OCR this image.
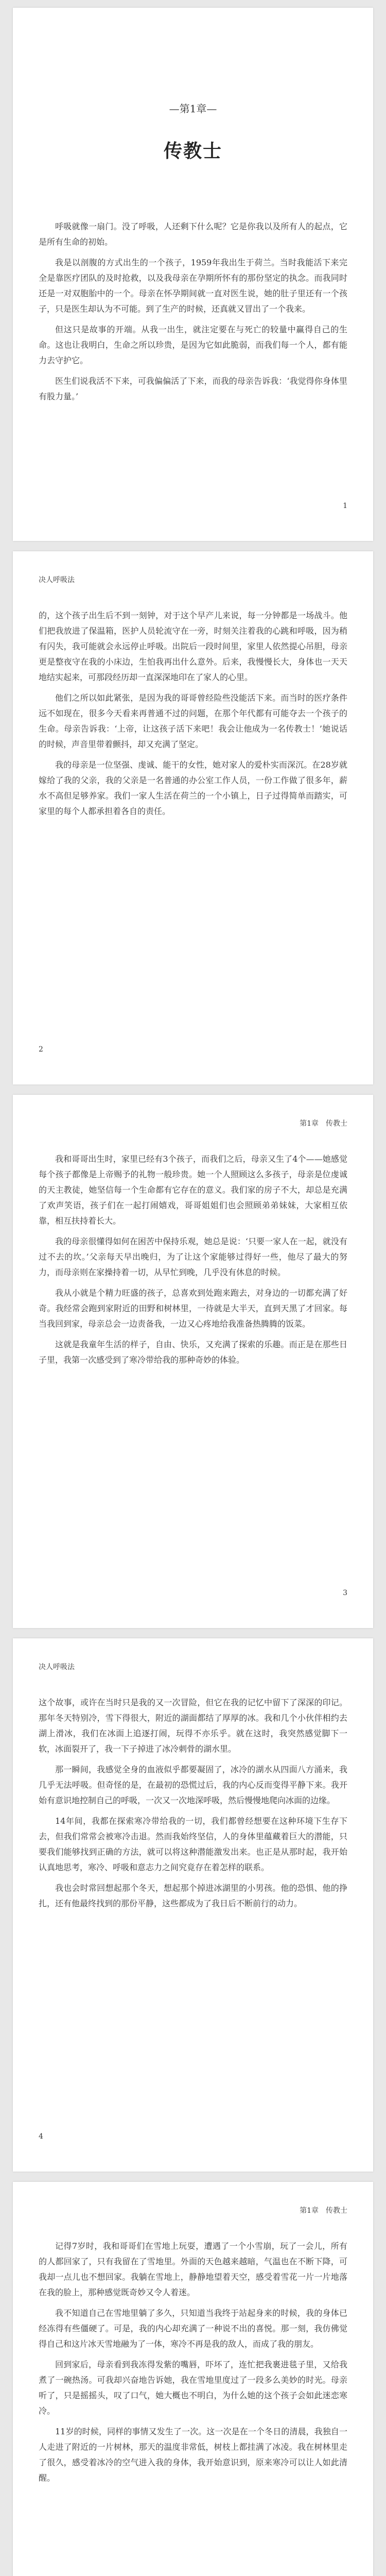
—第1章—
传教士

呼吸就像一扇门。没了呼吸，人还剩下什么呢？它是你我以及所有人的起点，它是所有生命的初始。

我是以剖腹的方式出生的一个孩子，1959年我出生于荷兰。当时我能活下来完全是靠医疗团队的及时抢救，以及我母亲在孕期所怀有的那份坚定的执念。而我同时还是一对双胞胎中的一个。母亲在怀孕期间就一直对医生说，她的肚子里还有一个孩子，只是医生却认为不可能。到了生产的时候，还真就又冒出了一个我来。

但这只是故事的开端。从我一出生，就注定要在与死亡的较量中赢得自己的生命。这也让我明白，生命之所以珍贵，是因为它如此脆弱，而我们每一个人，都有能力去守护它。

医生们说我活不下来，可我偏偏活了下来，而我的母亲告诉我：‘我觉得你身体里有股力量。’

1
决人呼吸法

的，这个孩子出生后不到一刻钟，对于这个早产儿来说，每一分钟都是一场战斗。他们把我放进了保温箱，医护人员轮流守在一旁，时刻关注着我的心跳和呼吸，因为稍有闪失，我可能就会永远停止呼吸。出院后一段时间里，家里人依然提心吊胆，母亲更是整夜守在我的小床边，生怕我再出什么意外。后来，我慢慢长大，身体也一天天地结实起来，可那段经历却一直深深地印在了家人的心里。

他们之所以如此紧张，是因为我的哥哥曾经险些没能活下来。而当时的医疗条件远不如现在，很多今天看来再普通不过的问题，在那个年代都有可能夺去一个孩子的生命。母亲告诉我：‘上帝，让这孩子活下来吧！我会让他成为一名传教士！’她说话的时候，声音里带着颤抖，却又充满了坚定。

我的母亲是一位坚强、虔诚、能干的女性，她对家人的爱朴实而深沉。在28岁就嫁给了我的父亲，我的父亲是一名普通的办公室工作人员，一份工作做了很多年，薪水不高但足够养家。我们一家人生活在荷兰的一个小镇上，日子过得简单而踏实，可家里的每个人都承担着各自的责任。

2
第1章　传教士

我和哥哥出生时，家里已经有3个孩子，而我们之后，母亲又生了4个——她感觉每个孩子都像是上帝赐予的礼物一般珍贵。她一个人照顾这么多孩子，母亲是位虔诚的天主教徒，她坚信每一个生命都有它存在的意义。我们家的房子不大，却总是充满了欢声笑语，孩子们在一起打闹嬉戏，哥哥姐姐们也会照顾弟弟妹妹，大家相互依靠，相互扶持着长大。

我的母亲很懂得如何在困苦中保持乐观，她总是说：‘只要一家人在一起，就没有过不去的坎。’父亲每天早出晚归，为了让这个家能够过得好一些，他尽了最大的努力，而母亲则在家操持着一切，从早忙到晚，几乎没有休息的时候。

我从小就是个精力旺盛的孩子，总喜欢到处跑来跑去，对身边的一切都充满了好奇。我经常会跑到家附近的田野和树林里，一待就是大半天，直到天黑了才回家。每当我回到家，母亲总会一边责备我，一边又心疼地给我准备热腾腾的饭菜。

这就是我童年生活的样子，自由、快乐，又充满了探索的乐趣。而正是在那些日子里，我第一次感受到了寒冷带给我的那种奇妙的体验。

3
决人呼吸法

这个故事，或许在当时只是我的又一次冒险，但它在我的记忆中留下了深深的印记。那年冬天特别冷，雪下得很大，附近的湖面都结了厚厚的冰。我和几个小伙伴相约去湖上滑冰，我们在冰面上追逐打闹，玩得不亦乐乎。就在这时，我突然感觉脚下一软，冰面裂开了，我一下子掉进了冰冷刺骨的湖水里。

那一瞬间，我感觉全身的血液似乎都要凝固了，冰冷的湖水从四面八方涌来，我几乎无法呼吸。但奇怪的是，在最初的恐慌过后，我的内心反而变得平静下来。我开始有意识地控制自己的呼吸，一次又一次地深呼吸，然后慢慢地爬向冰面的边缘。

14年间，我都在探索寒冷带给我的一切，我们都曾经想要在这种环境下生存下去，但我们常常会被寒冷击退。然而我始终坚信，人的身体里蕴藏着巨大的潜能，只要我们能够找到正确的方法，就可以将这种潜能激发出来。也正是从那时起，我开始认真地思考，寒冷、呼吸和意志力之间究竟存在着怎样的联系。

我也会时常回想起那个冬天，想起那个掉进冰湖里的小男孩。他的恐惧、他的挣扎，还有他最终找到的那份平静，这些都成为了我日后不断前行的动力。

4
第1章　传教士

记得7岁时，我和哥哥们在雪地上玩耍，遭遇了一个小雪崩，玩了一会儿，所有的人都回家了，只有我留在了雪地里。外面的天色越来越暗，气温也在不断下降，可我却一点儿也不想回家。我躺在雪地上，静静地望着天空，感受着雪花一片一片地落在我的脸上，那种感觉既奇妙又令人着迷。

我不知道自己在雪地里躺了多久，只知道当我终于站起身来的时候，我的身体已经冻得有些僵硬了。可是，我的内心却充满了一种说不出的喜悦。那一刻，我仿佛觉得自己和这片冰天雪地融为了一体，寒冷不再是我的敌人，而成了我的朋友。

回到家后，母亲看到我冻得发紫的嘴唇，吓坏了，连忙把我裹进毯子里，又给我煮了一碗热汤。可我却兴奋地告诉她，我在雪地里度过了一段多么美妙的时光。母亲听了，只是摇摇头，叹了口气，她大概也不明白，为什么她的这个孩子会如此迷恋寒冷。

11岁的时候，同样的事情又发生了一次。这一次是在一个冬日的清晨，我独自一人走进了附近的一片树林，那天的温度非常低，树枝上都挂满了冰凌。我在树林里走了很久，感受着冰冷的空气进入我的身体，我开始意识到，原来寒冷可以让人如此清醒。
